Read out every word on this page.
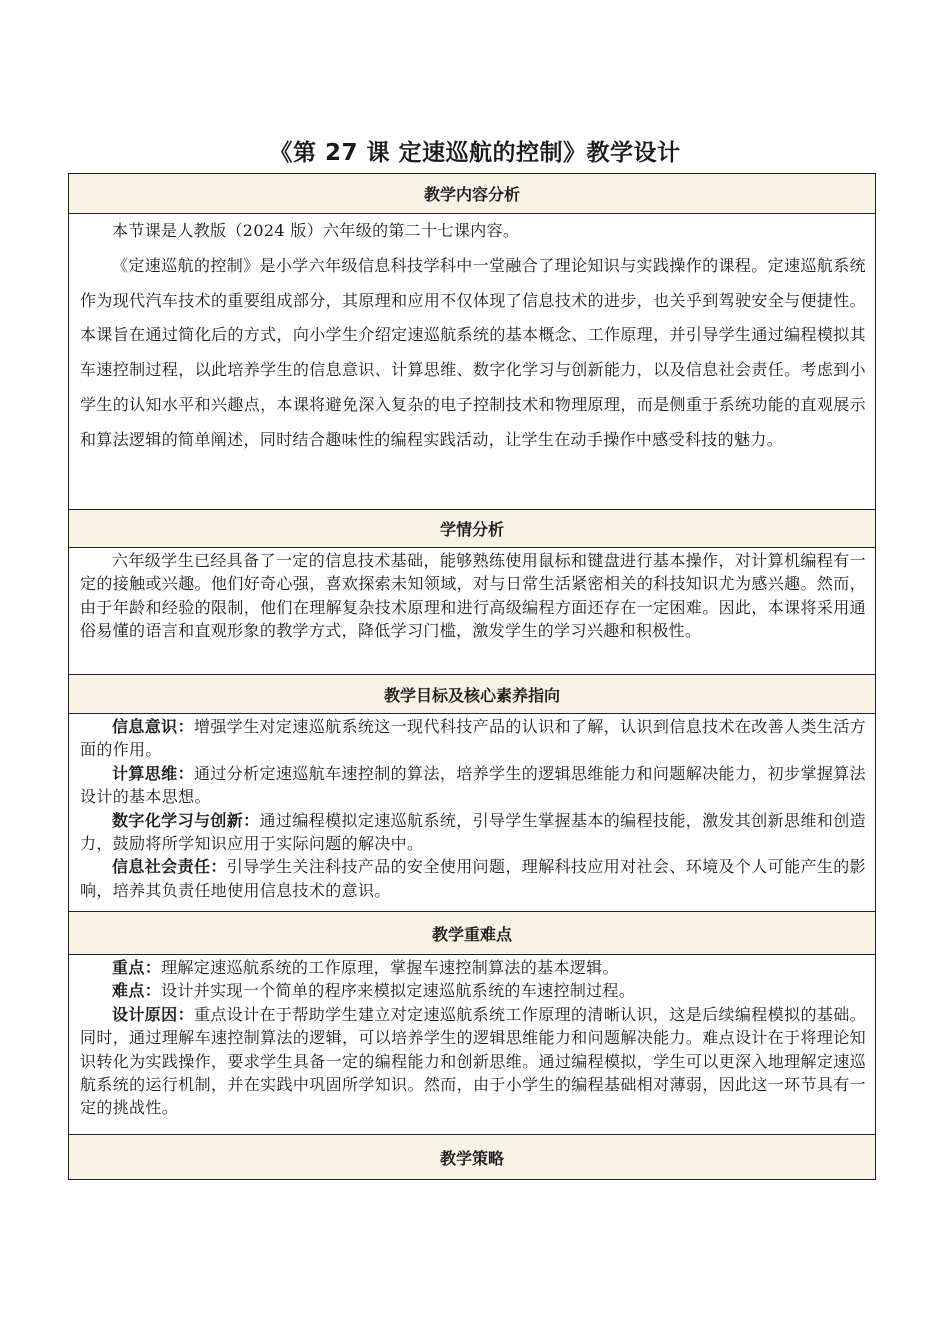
《第 27 课 定速巡航的控制》教学设计
教学内容分析

本节课是人教版（2024 版）六年级的第二十七课内容。

《定速巡航的控制》是小学六年级信息科技学科中一堂融合了理论知识与实践操作的课程。定速巡航系统作为现代汽车技术的重要组成部分，其原理和应用不仅体现了信息技术的进步，也关乎到驾驶安全与便捷性。本课旨在通过简化后的方式，向小学生介绍定速巡航系统的基本概念、工作原理，并引导学生通过编程模拟其车速控制过程，以此培养学生的信息意识、计算思维、数字化学习与创新能力，以及信息社会责任。考虑到小学生的认知水平和兴趣点，本课将避免深入复杂的电子控制技术和物理原理，而是侧重于系统功能的直观展示和算法逻辑的简单阐述，同时结合趣味性的编程实践活动，让学生在动手操作中感受科技的魅力。

学情分析

六年级学生已经具备了一定的信息技术基础，能够熟练使用鼠标和键盘进行基本操作，对计算机编程有一定的接触或兴趣。他们好奇心强，喜欢探索未知领域，对与日常生活紧密相关的科技知识尤为感兴趣。然而，由于年龄和经验的限制，他们在理解复杂技术原理和进行高级编程方面还存在一定困难。因此，本课将采用通俗易懂的语言和直观形象的教学方式，降低学习门槛，激发学生的学习兴趣和积极性。

教学目标及核心素养指向

信息意识：增强学生对定速巡航系统这一现代科技产品的认识和了解，认识到信息技术在改善人类生活方面的作用。

计算思维：通过分析定速巡航车速控制的算法，培养学生的逻辑思维能力和问题解决能力，初步掌握算法设计的基本思想。

数字化学习与创新：通过编程模拟定速巡航系统，引导学生掌握基本的编程技能，激发其创新思维和创造力，鼓励将所学知识应用于实际问题的解决中。

信息社会责任：引导学生关注科技产品的安全使用问题，理解科技应用对社会、环境及个人可能产生的影响，培养其负责任地使用信息技术的意识。

教学重难点

重点：理解定速巡航系统的工作原理，掌握车速控制算法的基本逻辑。

难点：设计并实现一个简单的程序来模拟定速巡航系统的车速控制过程。

设计原因：重点设计在于帮助学生建立对定速巡航系统工作原理的清晰认识，这是后续编程模拟的基础。同时，通过理解车速控制算法的逻辑，可以培养学生的逻辑思维能力和问题解决能力。难点设计在于将理论知识转化为实践操作，要求学生具备一定的编程能力和创新思维。通过编程模拟，学生可以更深入地理解定速巡航系统的运行机制，并在实践中巩固所学知识。然而，由于小学生的编程基础相对薄弱，因此这一环节具有一定的挑战性。

教学策略
